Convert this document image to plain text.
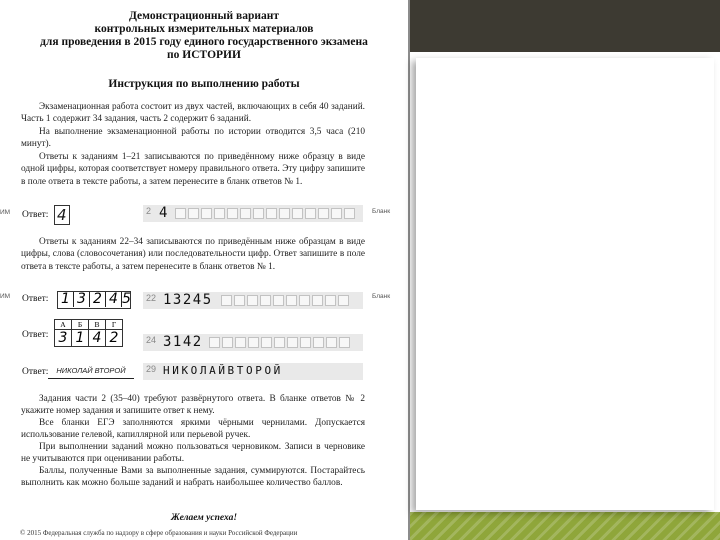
Демонстрационный вариант
контрольных измерительных материалов
для проведения в 2015 году единого государственного экзамена
по ИСТОРИИ
Инструкция по выполнению работы
Экзаменационная работа состоит из двух частей, включающих в себя 40 заданий. Часть 1 содержит 34 задания, часть 2 содержит 6 заданий.
На выполнение экзаменационной работы по истории отводится 3,5 часа (210 минут).
Ответы к заданиям 1–21 записываются по приведённому ниже образцу в виде одной цифры, которая соответствует номеру правильного ответа. Эту цифру запишите в поле ответа в тексте работы, а затем перенесите в бланк ответов № 1.
ИМ Ответ: 4	2 4	Бланк
Ответы к заданиям 22–34 записываются по приведённым ниже образцам в виде цифры, слова (словосочетания) или последовательности цифр. Ответ запишите в поле ответа в тексте работы, а затем перенесите в бланк ответов № 1.
ИМ Ответ: 1 3 2 4 5 22 13245	Бланк
Ответ:
А	Б	В	Г
3	1	4	2	24 3142
Ответ:	НИКОЛАЙ ВТОРОЙ	29 НИКОЛАЙВТОРОЙ
Задания части 2 (35–40) требуют развёрнутого ответа. В бланке ответов № 2 укажите номер задания и запишите ответ к нему.
Все бланки ЕГЭ заполняются яркими чёрными чернилами. Допускается использование гелевой, капиллярной или перьевой ручек.
При выполнении заданий можно пользоваться черновиком. Записи в черновике не учитываются при оценивании работы.
Баллы, полученные Вами за выполненные задания, суммируются. Постарайтесь выполнить как можно больше заданий и набрать наибольшее количество баллов.
Желаем успеха!
© 2015 Федеральная служба по надзору в сфере образования и науки Российской Федерации
